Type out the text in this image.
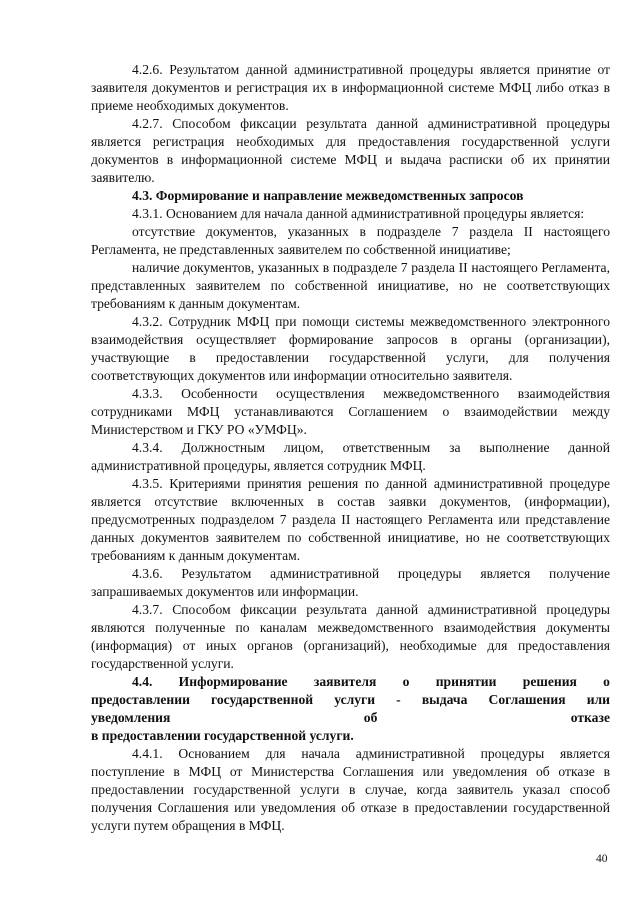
4.2.6. Результатом данной административной процедуры является принятие от заявителя документов и регистрация их в информационной системе МФЦ либо отказ в приеме необходимых документов.

4.2.7. Способом фиксации результата данной административной процедуры является регистрация необходимых для предоставления государственной услуги документов в информационной системе МФЦ и выдача расписки об их принятии заявителю.

4.3. Формирование и направление межведомственных запросов

4.3.1. Основанием для начала данной административной процедуры является:

отсутствие документов, указанных в подразделе 7 раздела II настоящего Регламента, не представленных заявителем по собственной инициативе;

наличие документов, указанных в подразделе 7 раздела II настоящего Регламента, представленных заявителем по собственной инициативе, но не соответствующих требованиям к данным документам.

4.3.2. Сотрудник МФЦ при помощи системы межведомственного электронного взаимодействия осуществляет формирование запросов в органы (организации), участвующие в предоставлении государственной услуги, для получения соответствующих документов или информации относительно заявителя.

4.3.3. Особенности осуществления межведомственного взаимодействия сотрудниками МФЦ устанавливаются Соглашением о взаимодействии между Министерством и ГКУ РО «УМФЦ».

4.3.4. Должностным лицом, ответственным за выполнение данной административной процедуры, является сотрудник МФЦ.

4.3.5. Критериями принятия решения по данной административной процедуре является отсутствие включенных в состав заявки документов, (информации), предусмотренных подразделом 7 раздела II настоящего Регламента или представление данных документов заявителем по собственной инициативе, но не соответствующих требованиям к данным документам.

4.3.6. Результатом административной процедуры является получение запрашиваемых документов или информации.

4.3.7. Способом фиксации результата данной административной процедуры являются полученные по каналам межведомственного взаимодействия документы (информация) от иных органов (организаций), необходимые для предоставления государственной услуги.

4.4. Информирование заявителя о принятии решения о
предоставлении государственной услуги - выдача Соглашения или
уведомления	об	отказе
в предоставлении государственной услуги.

4.4.1. Основанием для начала административной процедуры является поступление в МФЦ от Министерства Соглашения или уведомления об отказе в предоставлении государственной услуги в случае, когда заявитель указал способ получения Соглашения или уведомления об отказе в предоставлении государственной услуги путем обращения в МФЦ.

40
